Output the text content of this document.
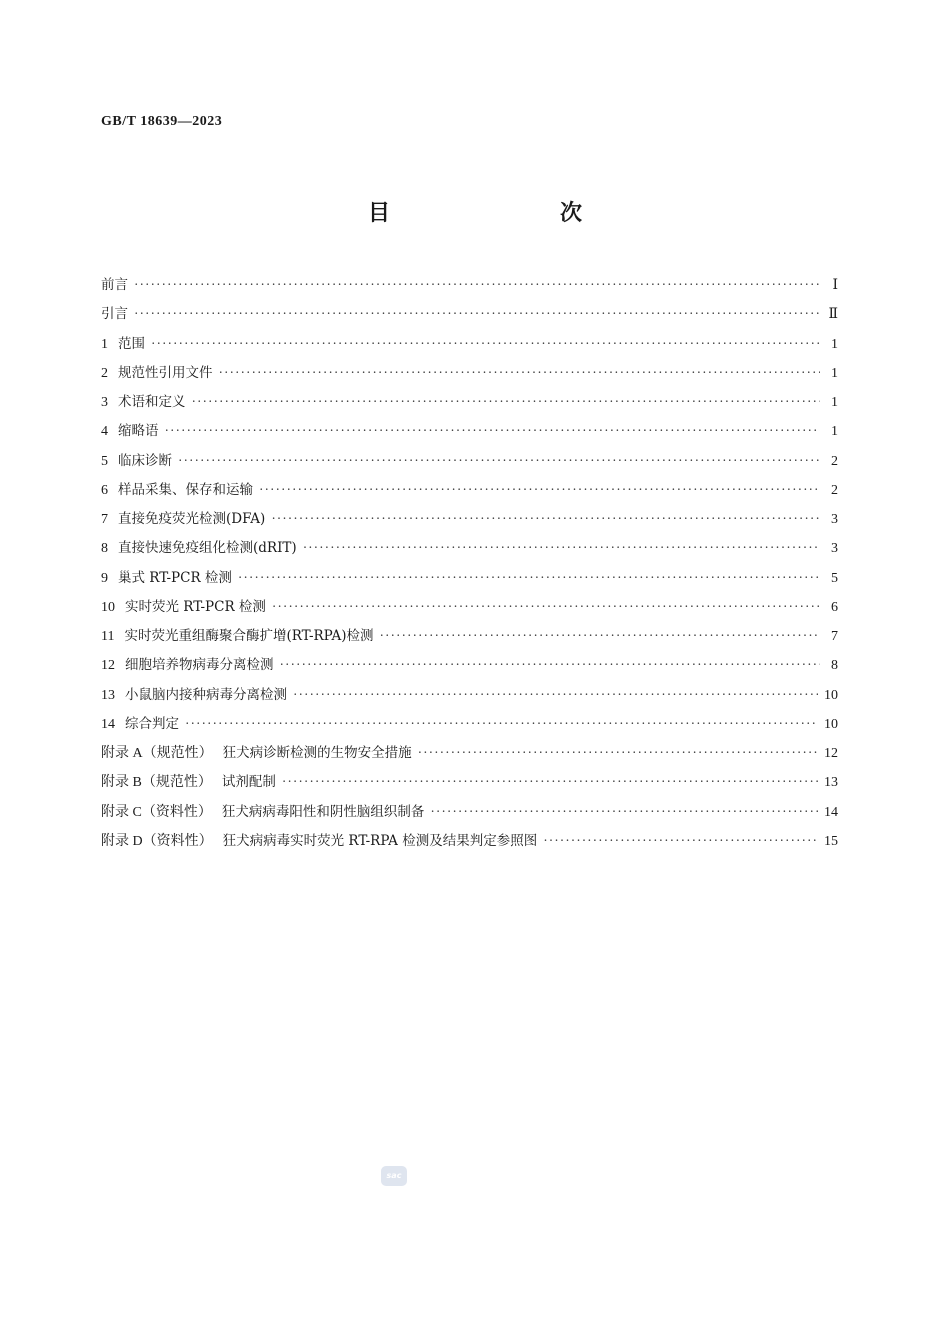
GB/T 18639—2023
目　　次
前言 ·····	Ⅰ
引言 ·····	Ⅱ
1 范围 ·····	1
2 规范性引用文件 ·····	1
3 术语和定义 ·····	1
4 缩略语 ·····	1
5 临床诊断 ·····	2
6 样品采集、保存和运输 ·····	2
7 直接免疫荧光检测(DFA) ·····	3
8 直接快速免疫组化检测(dRIT) ·····	3
9 巢式 RT-PCR 检测 ·····	5
10 实时荧光 RT-PCR 检测 ·····	6
11 实时荧光重组酶聚合酶扩增(RT-RPA)检测 ·····	7
12 细胞培养物病毒分离检测 ·····	8
13 小鼠脑内接种病毒分离检测 ·····	10
14 综合判定 ·····	10
附录 A（规范性） 狂犬病诊断检测的生物安全措施 ·····	12
附录 B（规范性） 试剂配制 ·····	13
附录 C（资料性） 狂犬病病毒阳性和阴性脑组织制备 ·····	14
附录 D（资料性） 狂犬病病毒实时荧光 RT-RPA 检测及结果判定参照图 ·····	15
sac
